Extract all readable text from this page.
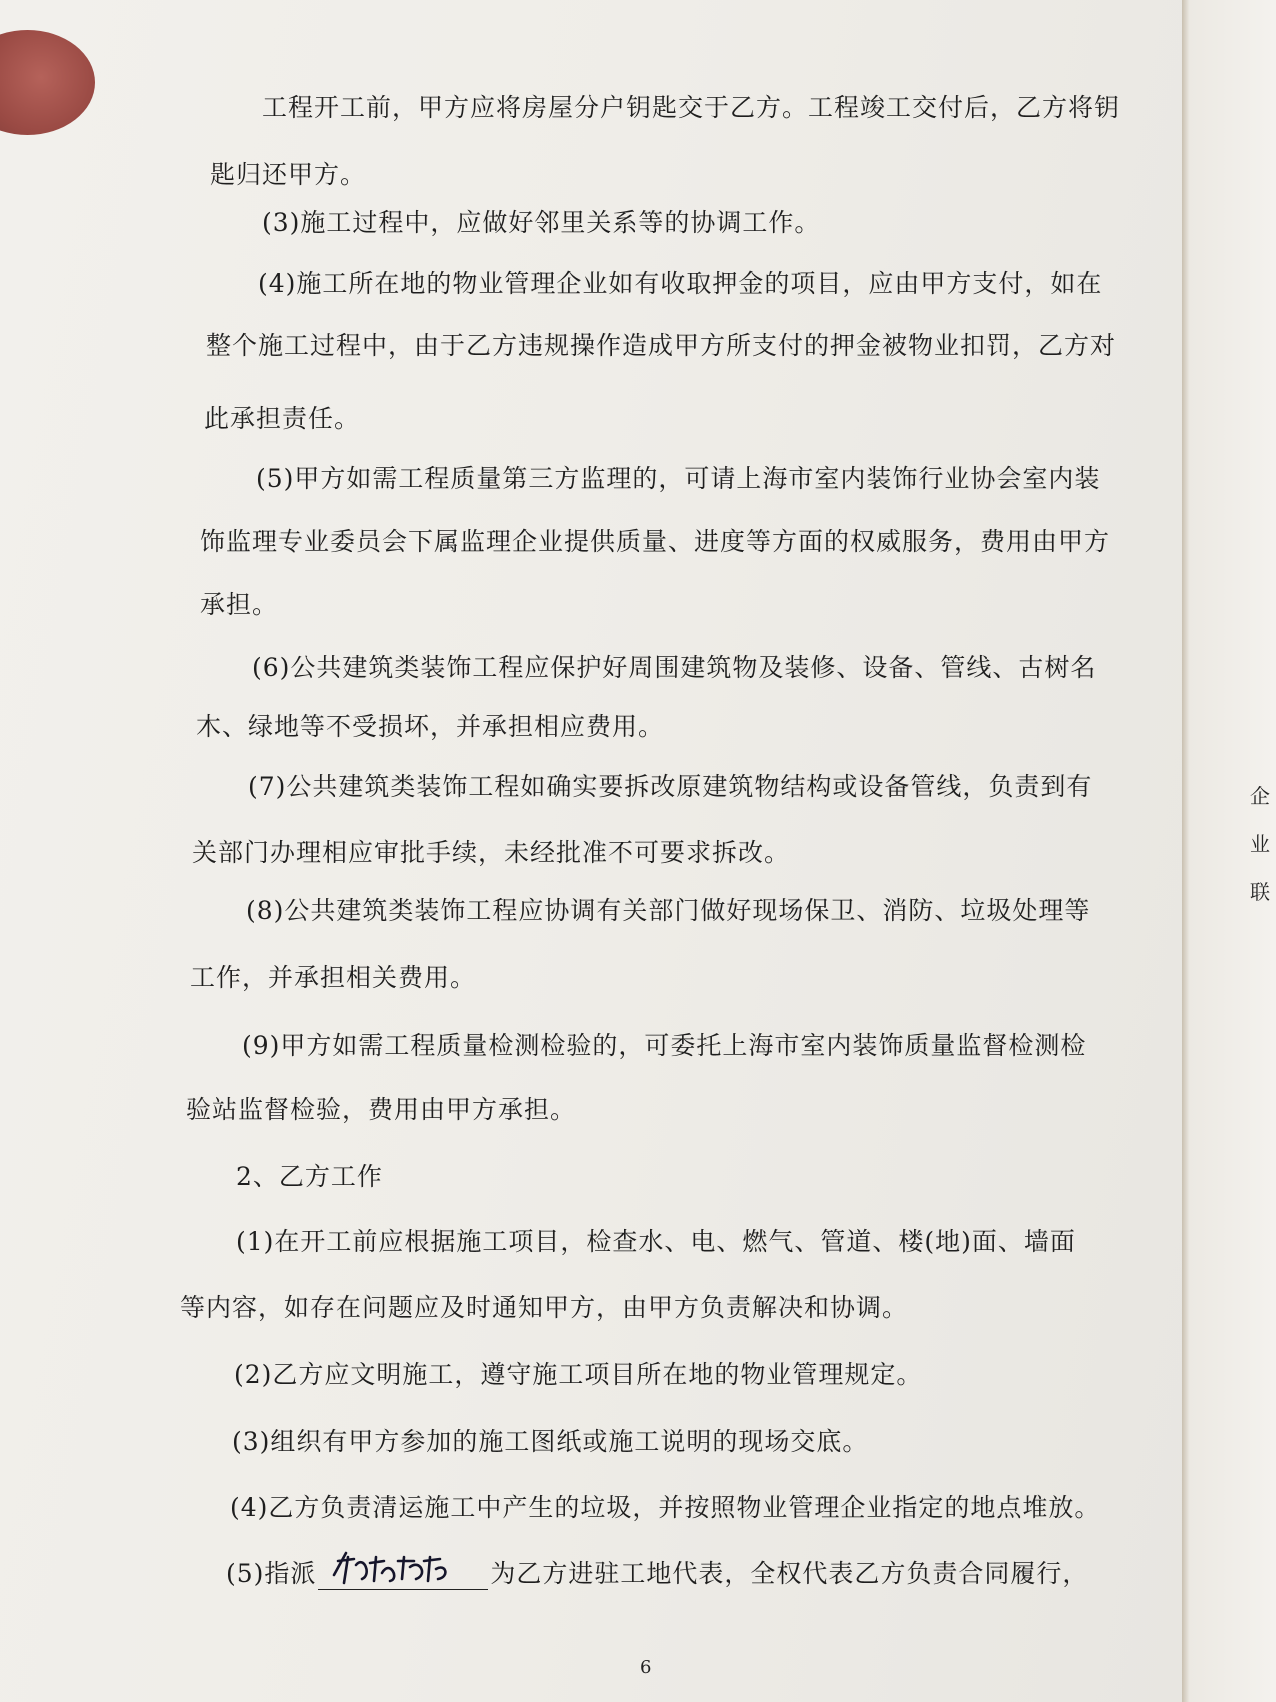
工程开工前，甲方应将房屋分户钥匙交于乙方。工程竣工交付后，乙方将钥
匙归还甲方。
(3)施工过程中，应做好邻里关系等的协调工作。
(4)施工所在地的物业管理企业如有收取押金的项目，应由甲方支付，如在
整个施工过程中，由于乙方违规操作造成甲方所支付的押金被物业扣罚，乙方对
此承担责任。
(5)甲方如需工程质量第三方监理的，可请上海市室内装饰行业协会室内装
饰监理专业委员会下属监理企业提供质量、进度等方面的权威服务，费用由甲方
承担。
(6)公共建筑类装饰工程应保护好周围建筑物及装修、设备、管线、古树名
木、绿地等不受损坏，并承担相应费用。
(7)公共建筑类装饰工程如确实要拆改原建筑物结构或设备管线，负责到有
关部门办理相应审批手续，未经批准不可要求拆改。
(8)公共建筑类装饰工程应协调有关部门做好现场保卫、消防、垃圾处理等
工作，并承担相关费用。
(9)甲方如需工程质量检测检验的，可委托上海市室内装饰质量监督检测检
验站监督检验，费用由甲方承担。
2、乙方工作
(1)在开工前应根据施工项目，检查水、电、燃气、管道、楼(地)面、墙面
等内容，如存在问题应及时通知甲方，由甲方负责解决和协调。
(2)乙方应文明施工，遵守施工项目所在地的物业管理规定。
(3)组织有甲方参加的施工图纸或施工说明的现场交底。
(4)乙方负责清运施工中产生的垃圾，并按照物业管理企业指定的地点堆放。
(5)指派	为乙方进驻工地代表，全权代表乙方负责合同履行，
企
业
联
6
